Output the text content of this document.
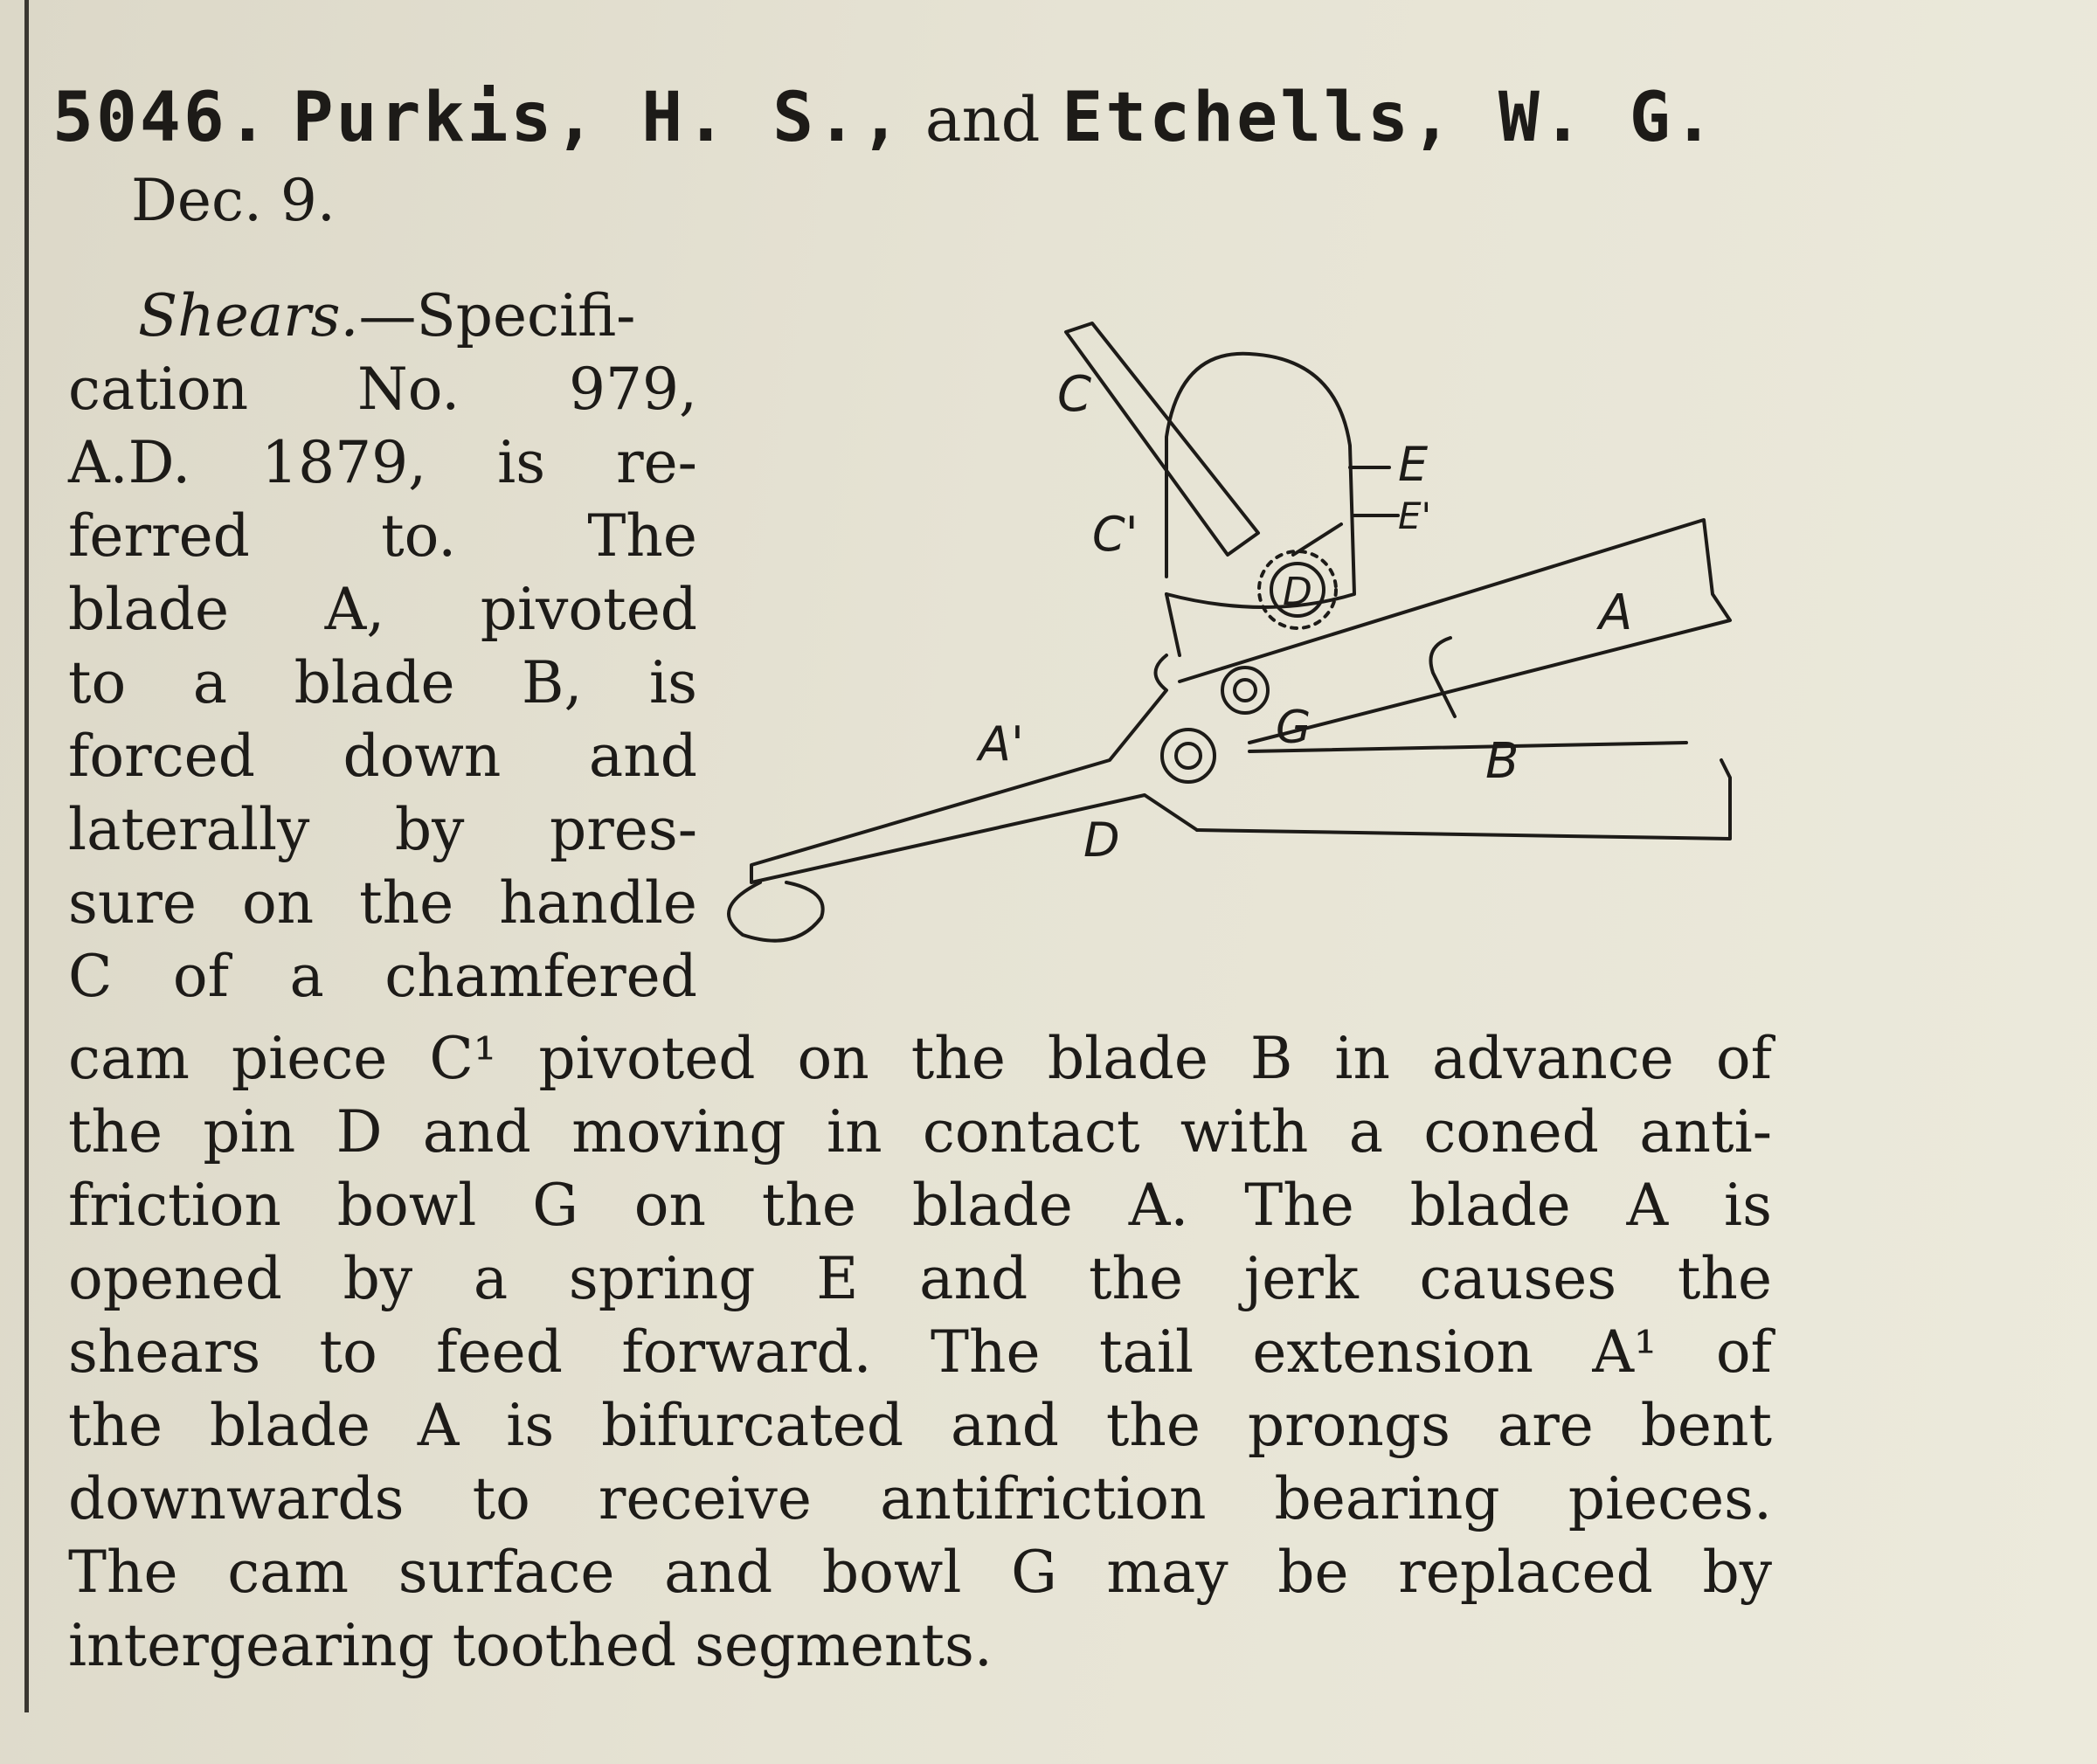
5046. Purkis, H. S., and Etchells, W. G.
Dec. 9.
Shears.—Specifi-
cation No. 979,
A.D. 1879, is re-
ferred to. The
blade A, pivoted
to a blade B, is
forced down and
laterally by pres-
sure on the handle
C of a chamfered
cam piece C¹ pivoted on the blade B in advance of
the pin D and moving in contact with a coned anti-
friction bowl G on the blade A. The blade A is
opened by a spring E and the jerk causes the
shears to feed forward. The tail extension A¹ of
the blade A is bifurcated and the prongs are bent
downwards to receive antifriction bearing pieces.
The cam surface and bowl G may be replaced by
intergearing toothed segments.
C
C'
E
E'
D	A
A'	G
B
D
